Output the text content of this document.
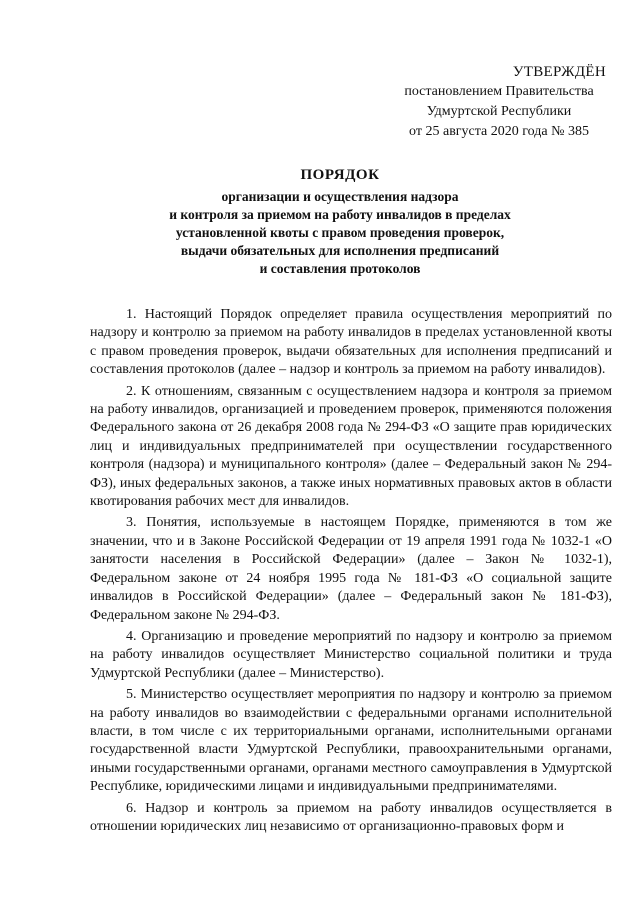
УТВЕРЖДЁН
постановлением Правительства
Удмуртской Республики
от 25 августа 2020 года № 385
ПОРЯДОК
организации и осуществления надзора
и контроля за приемом на работу инвалидов в пределах
установленной квоты с правом проведения проверок,
выдачи обязательных для исполнения предписаний
и составления протоколов

1. Настоящий Порядок определяет правила осуществления мероприятий по надзору и контролю за приемом на работу инвалидов в пределах установленной квоты с правом проведения проверок, выдачи обязательных для исполнения предписаний и составления протоколов (далее – надзор и контроль за приемом на работу инвалидов).

2. К отношениям, связанным с осуществлением надзора и контроля за приемом на работу инвалидов, организацией и проведением проверок, применяются положения Федерального закона от 26 декабря 2008 года № 294-ФЗ «О защите прав юридических лиц и индивидуальных предпринимателей при осуществлении государственного контроля (надзора) и муниципального контроля» (далее – Федеральный закон № 294-ФЗ), иных федеральных законов, а также иных нормативных правовых актов в области квотирования рабочих мест для инвалидов.

3. Понятия, используемые в настоящем Порядке, применяются в том же значении, что и в Законе Российской Федерации от 19 апреля 1991 года № 1032-1 «О занятости населения в Российской Федерации» (далее – Закон № 1032-1), Федеральном законе от 24 ноября 1995 года № 181-ФЗ «О социальной защите инвалидов в Российской Федерации» (далее – Федеральный закон № 181-ФЗ), Федеральном законе № 294-ФЗ.

4. Организацию и проведение мероприятий по надзору и контролю за приемом на работу инвалидов осуществляет Министерство социальной политики и труда Удмуртской Республики (далее – Министерство).

5. Министерство осуществляет мероприятия по надзору и контролю за приемом на работу инвалидов во взаимодействии с федеральными органами исполнительной власти, в том числе с их территориальными органами, исполнительными органами государственной власти Удмуртской Республики, правоохранительными органами, иными государственными органами, органами местного самоуправления в Удмуртской Республике, юридическими лицами и индивидуальными предпринимателями.

6. Надзор и контроль за приемом на работу инвалидов осуществляется в отношении юридических лиц независимо от организационно-правовых форм и
